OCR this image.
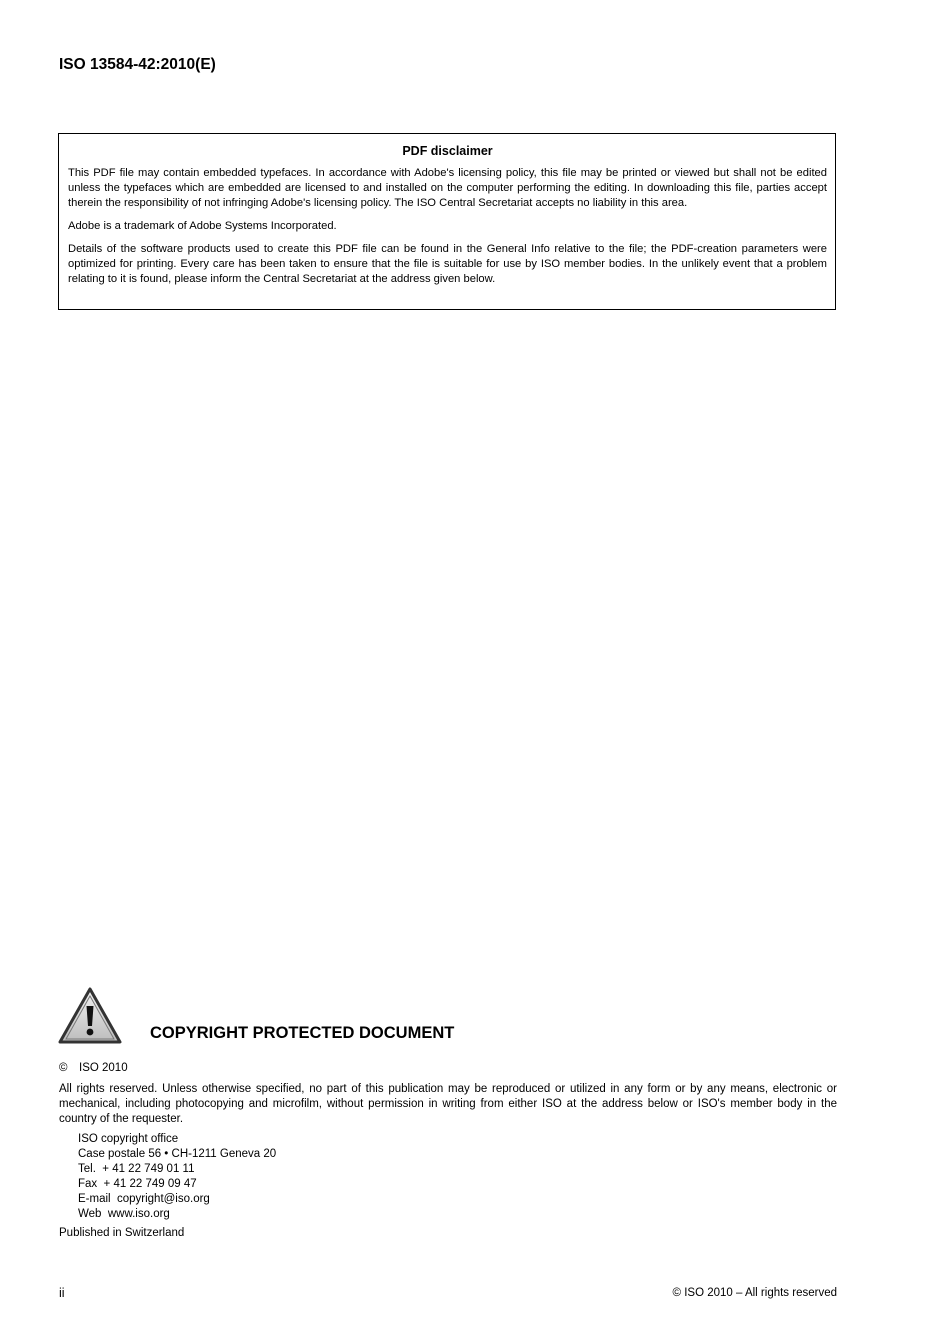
ISO 13584-42:2010(E)
PDF disclaimer

This PDF file may contain embedded typefaces. In accordance with Adobe's licensing policy, this file may be printed or viewed but shall not be edited unless the typefaces which are embedded are licensed to and installed on the computer performing the editing. In downloading this file, parties accept therein the responsibility of not infringing Adobe's licensing policy. The ISO Central Secretariat accepts no liability in this area.

Adobe is a trademark of Adobe Systems Incorporated.

Details of the software products used to create this PDF file can be found in the General Info relative to the file; the PDF-creation parameters were optimized for printing. Every care has been taken to ensure that the file is suitable for use by ISO member bodies. In the unlikely event that a problem relating to it is found, please inform the Central Secretariat at the address given below.

COPYRIGHT PROTECTED DOCUMENT
© ISO 2010

All rights reserved. Unless otherwise specified, no part of this publication may be reproduced or utilized in any form or by any means, electronic or mechanical, including photocopying and microfilm, without permission in writing from either ISO at the address below or ISO's member body in the country of the requester.

ISO copyright office
Case postale 56 • CH-1211 Geneva 20
Tel.  + 41 22 749 01 11
Fax  + 41 22 749 09 47
E-mail  copyright@iso.org
Web  www.iso.org
Published in Switzerland
ii	© ISO 2010 – All rights reserved
